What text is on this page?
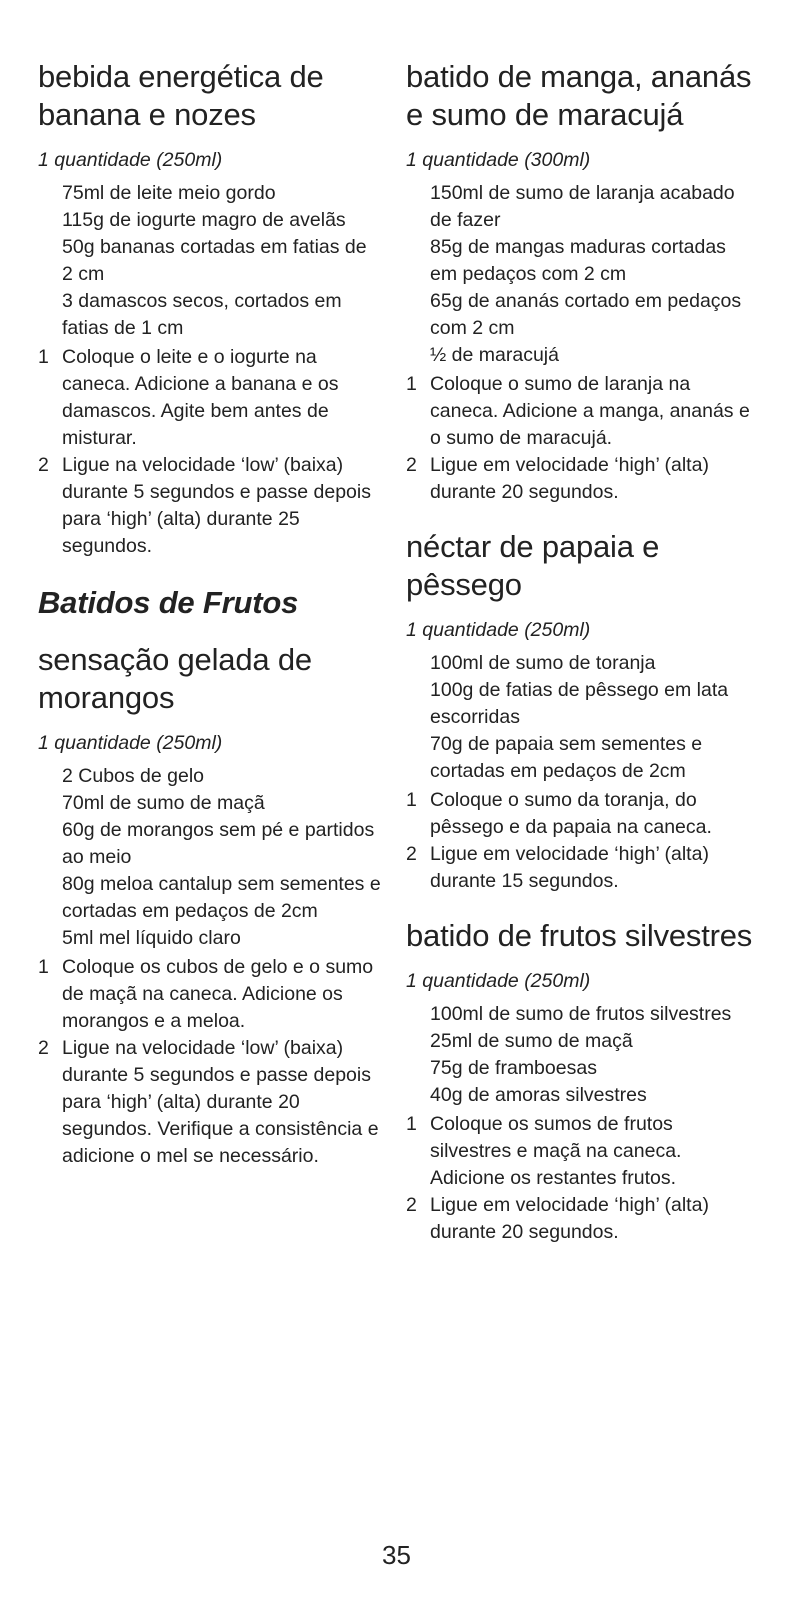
bebida energética de banana e nozes

1 quantidade (250ml)

75ml de leite meio gordo

115g de iogurte magro de avelãs

50g bananas cortadas em fatias de 2 cm

3 damascos secos, cortados em fatias de 1 cm

1 Coloque o leite e o iogurte na caneca. Adicione a banana e os damascos. Agite bem antes de misturar.
2 Ligue na velocidade ‘low’ (baixa) durante 5 segundos e passe depois para ‘high’ (alta) durante 25 segundos.
Batidos de Frutos
sensação gelada de morangos

1 quantidade (250ml)

2 Cubos de gelo

70ml de sumo de maçã

60g de morangos sem pé e partidos ao meio

80g meloa cantalup sem sementes e cortadas em pedaços de 2cm

5ml mel líquido claro

1 Coloque os cubos de gelo e o sumo de maçã na caneca. Adicione os morangos e a meloa.
2 Ligue na velocidade ‘low’ (baixa) durante 5 segundos e passe depois para ‘high’ (alta) durante 20 segundos. Verifique a consistência e adicione o mel se necessário.
batido de manga, ananás e sumo de maracujá

1 quantidade (300ml)

150ml de sumo de laranja acabado de fazer

85g de mangas maduras cortadas em pedaços com 2 cm

65g de ananás cortado em pedaços com 2 cm

½ de maracujá

1 Coloque o sumo de laranja na caneca. Adicione a manga, ananás e o sumo de maracujá.
2 Ligue em velocidade ‘high’ (alta) durante 20 segundos.
néctar de papaia e pêssego

1 quantidade (250ml)

100ml de sumo de toranja

100g de fatias de pêssego em lata escorridas

70g de papaia sem sementes e cortadas em pedaços de 2cm

1 Coloque o sumo da toranja, do pêssego e da papaia na caneca.
2 Ligue em velocidade ‘high’ (alta) durante 15 segundos.
batido de frutos silvestres

1 quantidade (250ml)

100ml de sumo de frutos silvestres

25ml de sumo de maçã

75g de framboesas

40g de amoras silvestres

1 Coloque os sumos de frutos silvestres e maçã na caneca. Adicione os restantes frutos.
2 Ligue em velocidade ‘high’ (alta) durante 20 segundos.
35
